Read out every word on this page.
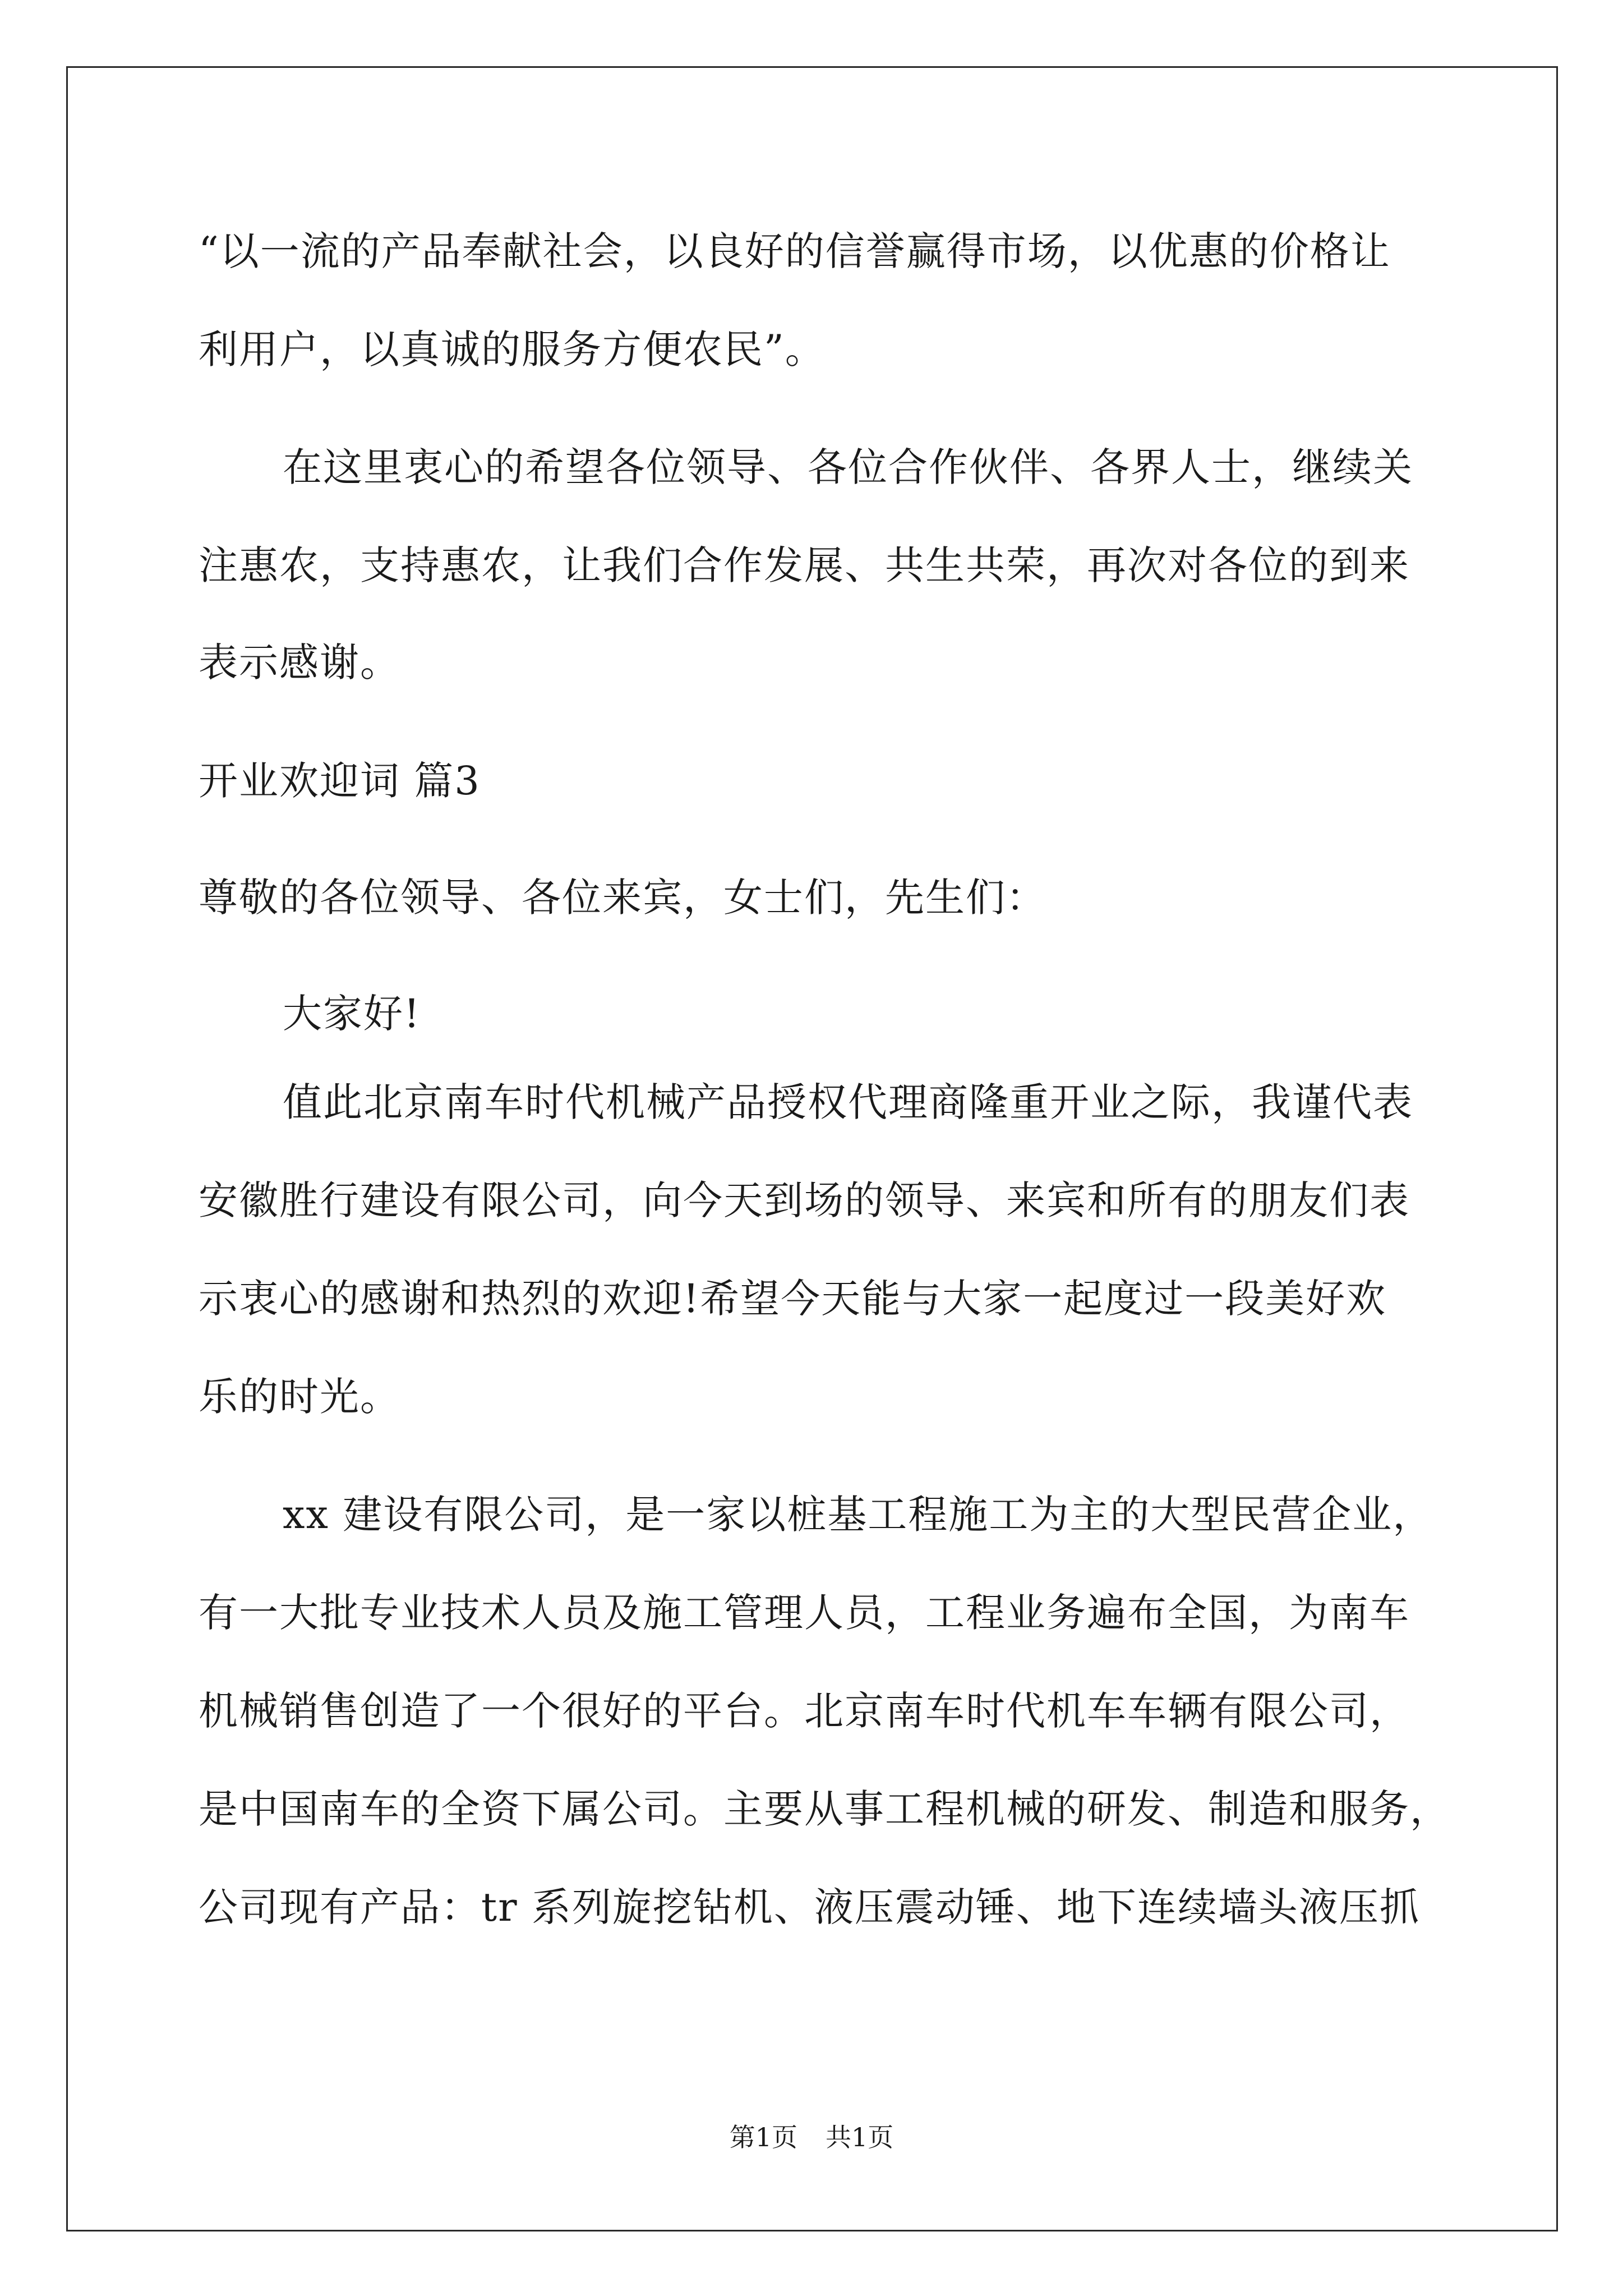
“以一流的产品奉献社会，以良好的信誉赢得市场，以优惠的价格让
利用户，以真诚的服务方便农民”。
在这里衷心的希望各位领导、各位合作伙伴、各界人士，继续关
注惠农，支持惠农，让我们合作发展、共生共荣，再次对各位的到来
表示感谢。
开业欢迎词 篇3
尊敬的各位领导、各位来宾，女士们，先生们：
大家好!
值此北京南车时代机械产品授权代理商隆重开业之际，我谨代表
安徽胜行建设有限公司，向今天到场的领导、来宾和所有的朋友们表
示衷心的感谢和热烈的欢迎!希望今天能与大家一起度过一段美好欢
乐的时光。
xx 建设有限公司，是一家以桩基工程施工为主的大型民营企业，
有一大批专业技术人员及施工管理人员，工程业务遍布全国，为南车
机械销售创造了一个很好的平台。北京南车时代机车车辆有限公司，
是中国南车的全资下属公司。主要从事工程机械的研发、制造和服务，
公司现有产品：tr 系列旋挖钻机、液压震动锤、地下连续墙头液压抓
第1页 共1页
